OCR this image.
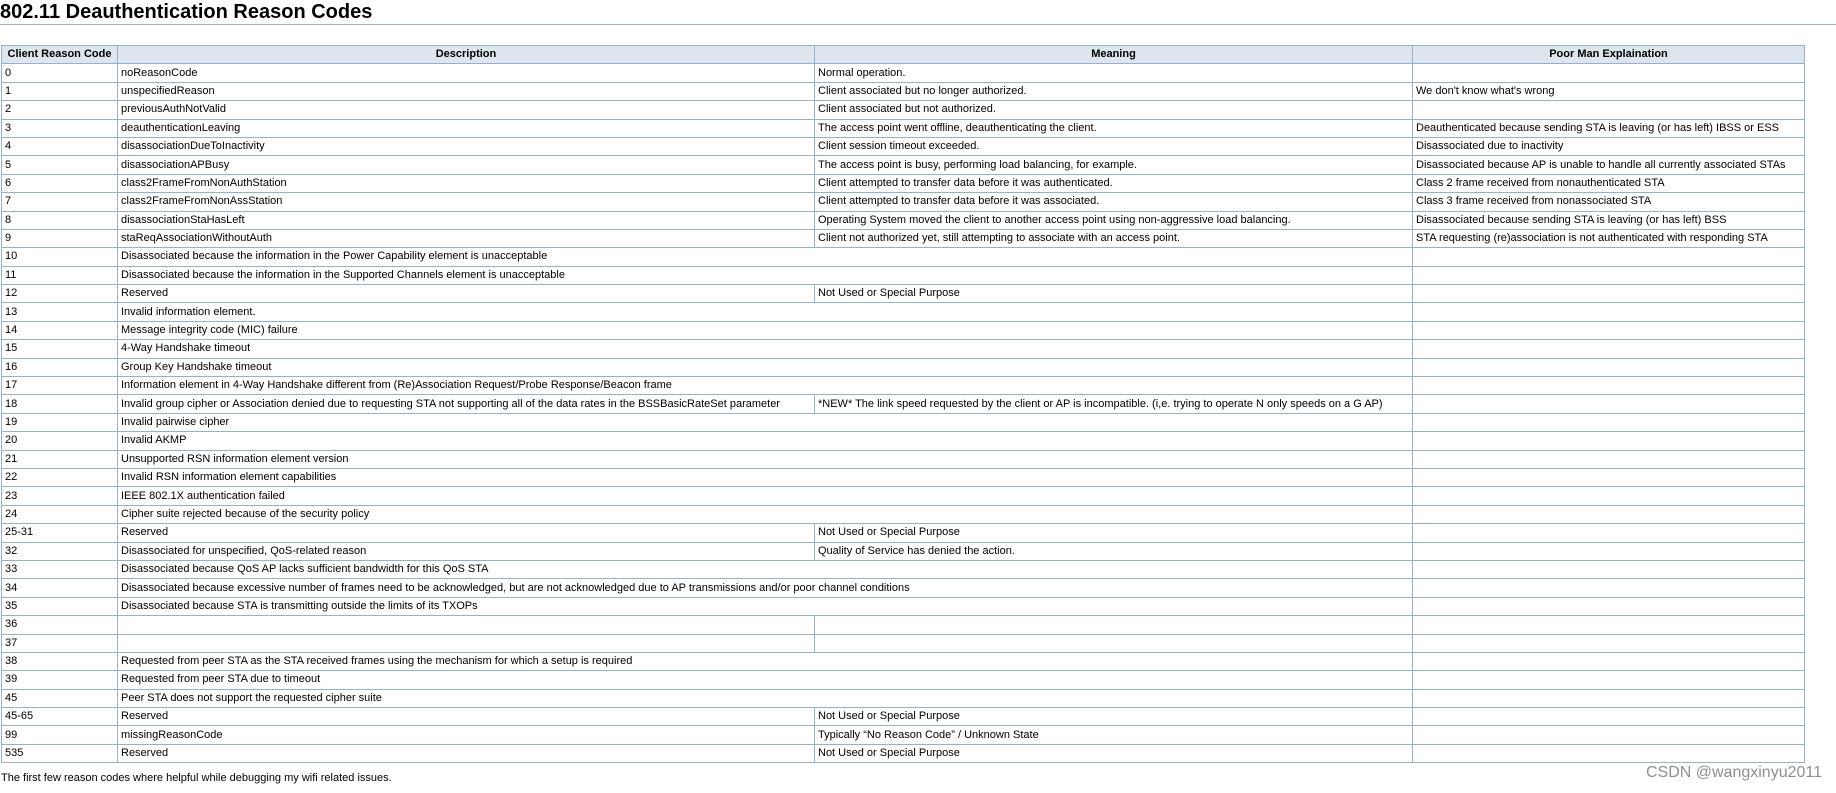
802.11 Deauthentication Reason Codes
Client Reason Code	Description	Meaning	Poor Man Explaination
0	noReasonCode	Normal operation.	
1	unspecifiedReason	Client associated but no longer authorized.	We don't know what's wrong
2	previousAuthNotValid	Client associated but not authorized.	
3	deauthenticationLeaving	The access point went offline, deauthenticating the client.	Deauthenticated because sending STA is leaving (or has left) IBSS or ESS
4	disassociationDueToInactivity	Client session timeout exceeded.	Disassociated due to inactivity
5	disassociationAPBusy	The access point is busy, performing load balancing, for example.	Disassociated because AP is unable to handle all currently associated STAs
6	class2FrameFromNonAuthStation	Client attempted to transfer data before it was authenticated.	Class 2 frame received from nonauthenticated STA
7	class2FrameFromNonAssStation	Client attempted to transfer data before it was associated.	Class 3 frame received from nonassociated STA
8	disassociationStaHasLeft	Operating System moved the client to another access point using non-aggressive load balancing.	Disassociated because sending STA is leaving (or has left) BSS
9	staReqAssociationWithoutAuth	Client not authorized yet, still attempting to associate with an access point.	STA requesting (re)association is not authenticated with responding STA
10	Disassociated because the information in the Power Capability element is unacceptable		
11	Disassociated because the information in the Supported Channels element is unacceptable		
12	Reserved	Not Used or Special Purpose	
13	Invalid information element.		
14	Message integrity code (MIC) failure		
15	4-Way Handshake timeout		
16	Group Key Handshake timeout		
17	Information element in 4-Way Handshake different from (Re)Association Request/Probe Response/Beacon frame		
18	Invalid group cipher or Association denied due to requesting STA not supporting all of the data rates in the BSSBasicRateSet parameter	*NEW* The link speed requested by the client or AP is incompatible. (i,e. trying to operate N only speeds on a G AP)	
19	Invalid pairwise cipher		
20	Invalid AKMP		
21	Unsupported RSN information element version		
22	Invalid RSN information element capabilities		
23	IEEE 802.1X authentication failed		
24	Cipher suite rejected because of the security policy		
25-31	Reserved	Not Used or Special Purpose	
32	Disassociated for unspecified, QoS-related reason	Quality of Service has denied the action.	
33	Disassociated because QoS AP lacks sufficient bandwidth for this QoS STA		
34	Disassociated because excessive number of frames need to be acknowledged, but are not acknowledged due to AP transmissions and/or poor channel conditions		
35	Disassociated because STA is transmitting outside the limits of its TXOPs		
36			
37			
38	Requested from peer STA as the STA received frames using the mechanism for which a setup is required		
39	Requested from peer STA due to timeout		
45	Peer STA does not support the requested cipher suite		
45-65	Reserved	Not Used or Special Purpose	
99	missingReasonCode	Typically “No Reason Code” / Unknown State	
535	Reserved	Not Used or Special Purpose	
The first few reason codes where helpful while debugging my wifi related issues.	CSDN @wangxinyu2011
